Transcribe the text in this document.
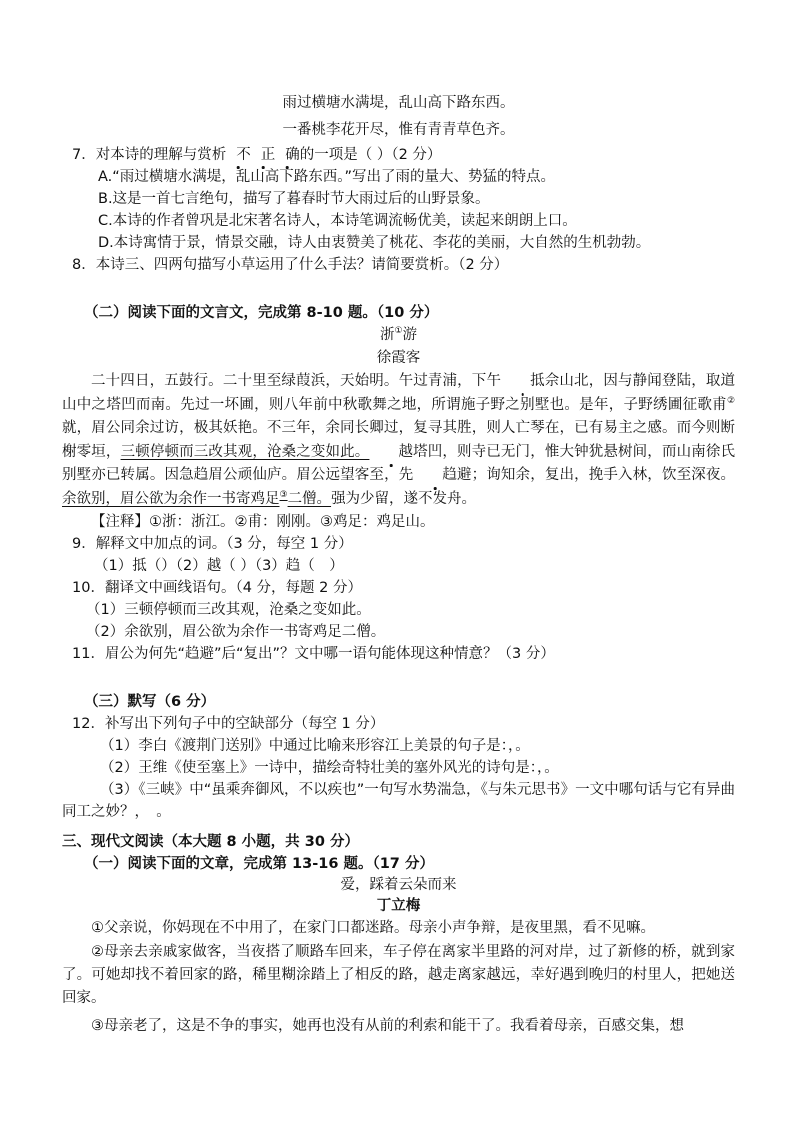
雨过横塘水满堤，乱山高下路东西。

一番桃李花开尽，惟有青青草色齐。

7．对本诗的理解与赏析 不 正 确的一项是（ ）（2 分）

A.“雨过横塘水满堤，乱山高下路东西。”写出了雨的量大、势猛的特点。

B.这是一首七言绝句，描写了暮春时节大雨过后的山野景象。

C.本诗的作者曾巩是北宋著名诗人，本诗笔调流畅优美，读起来朗朗上口。

D.本诗寓情于景，情景交融，诗人由衷赞美了桃花、李花的美丽，大自然的生机勃勃。

8．本诗三、四两句描写小草运用了什么手法？请简要赏析。（2 分）

（二）阅读下面的文言文，完成第 8-10 题。（10 分）

浙①游

徐霞客

二十四日，五鼓行。二十里至绿葭浜，天始明。午过青浦，下午 抵佘山北，因与静闻登陆，取道山中之塔凹而南。先过一坏圃，则八年前中秋歌舞之地，所谓施子野之别墅也。是年，子野绣圃征歌甫②就，眉公同余过访，极其妖艳。不三年，余同长卿过，复寻其胜，则人亡琴在，已有易主之感。而今则断榭零垣，三顿停顿而三改其观，沧桑之变如此。 越塔凹，则寺已无门，惟大钟犹悬树间，而山南徐氏别墅亦已转属。因急趋眉公顽仙庐。眉公远望客至，先 趋避；询知余，复出，挽手入林，饮至深夜。余欲别，眉公欲为余作一书寄鸡足③二僧。强为少留，遂不发舟。

【注释】①浙：浙江。②甫：刚刚。③鸡足：鸡足山。

9．解释文中加点的词。（3 分，每空 1 分）

（1）抵（）（2）越（ ）（3）趋（　）

10．翻译文中画线语句。（4 分，每题 2 分）

（1）三顿停顿而三改其观，沧桑之变如此。

（2）余欲别，眉公欲为余作一书寄鸡足二僧。

11．眉公为何先“趋避”后“复出”？文中哪一语句能体现这种情意？（3 分）

（三）默写（6 分）

12．补写出下列句子中的空缺部分（每空 1 分）

（1）李白《渡荆门送别》中通过比喻来形容江上美景的句子是：，。

（2）王维《使至塞上》一诗中，描绘奇特壮美的塞外风光的诗句是：，。

（3）《三峡》中“虽乘奔御风，不以疾也”一句写水势湍急，《与朱元思书》一文中哪句话与它有异曲同工之妙？，　。

三、现代文阅读（本大题 8 小题，共 30 分）

（一）阅读下面的文章，完成第 13-16 题。（17 分）

爱，踩着云朵而来

丁立梅

①父亲说，你妈现在不中用了，在家门口都迷路。母亲小声争辩，是夜里黑，看不见嘛。

②母亲去亲戚家做客，当夜搭了顺路车回来，车子停在离家半里路的河对岸，过了新修的桥，就到家了。可她却找不着回家的路，稀里糊涂踏上了相反的路，越走离家越远，幸好遇到晚归的村里人，把她送回家。

③母亲老了，这是不争的事实，她再也没有从前的利索和能干了。我看着母亲，百感交集，想
